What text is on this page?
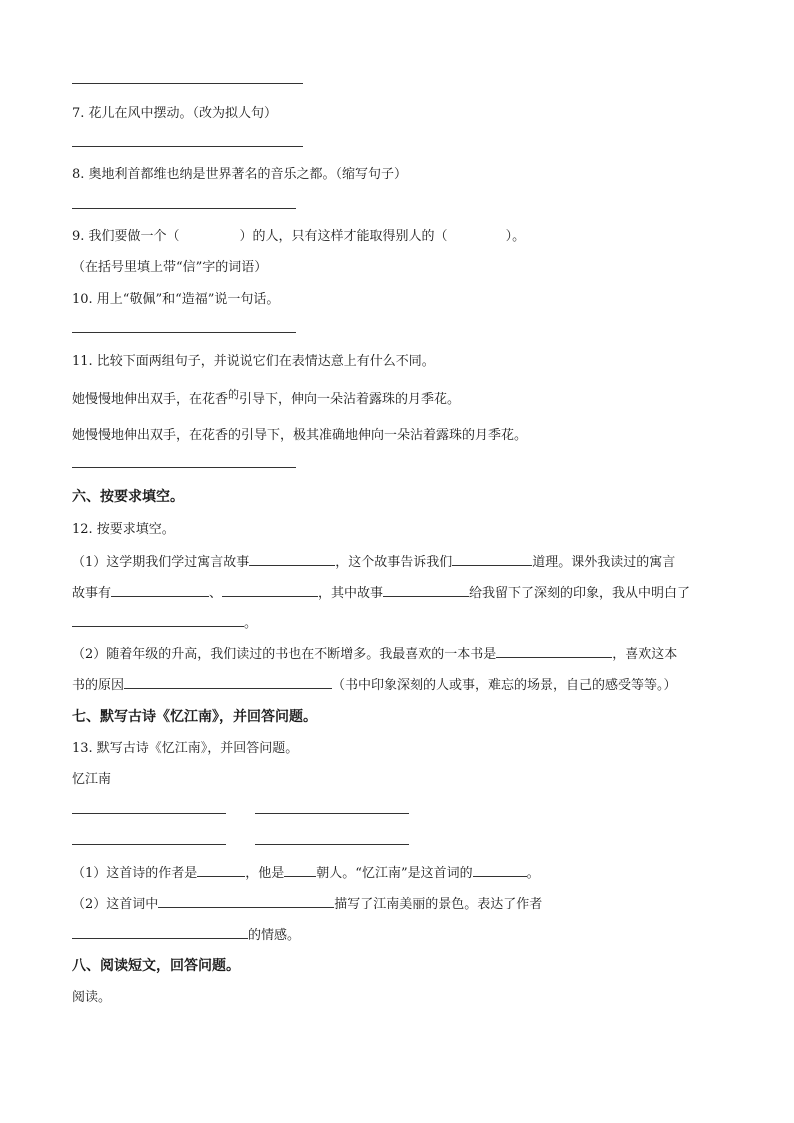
7. 花儿在风中摆动。（改为拟人句）
8. 奥地利首都维也纳是世界著名的音乐之都。（缩写句子）
9. 我们要做一个（	）的人，只有这样才能取得别人的（	）。
（在括号里填上带“信”字的词语）
10. 用上“敬佩”和“造福”说一句话。
11. 比较下面两组句子，并说说它们在表情达意上有什么不同。
她慢慢地伸出双手，在花香$^的$引导下，伸向一朵沾着露珠的月季花。
她慢慢地伸出双手，在花香的引导下，极其准确地伸向一朵沾着露珠的月季花。
六、按要求填空。
12. 按要求填空。
（1）这学期我们学过寓言故事	，这个故事告诉我们	道理。课外我读过的寓言
故事有	、	，其中故事	给我留下了深刻的印象，我从中明白了
。
（2）随着年级的升高，我们读过的书也在不断增多。我最喜欢的一本书是	，喜欢这本
书的原因	（书中印象深刻的人或事，难忘的场景，自己的感受等等。）
七、默写古诗《忆江南》，并回答问题。
13. 默写古诗《忆江南》，并回答问题。
忆江南
（1）这首诗的作者是	，他是 朝人。“忆江南”是这首词的	。
（2）这首词中	描写了江南美丽的景色。表达了作者
的情感。
八、阅读短文，回答问题。
阅读。
